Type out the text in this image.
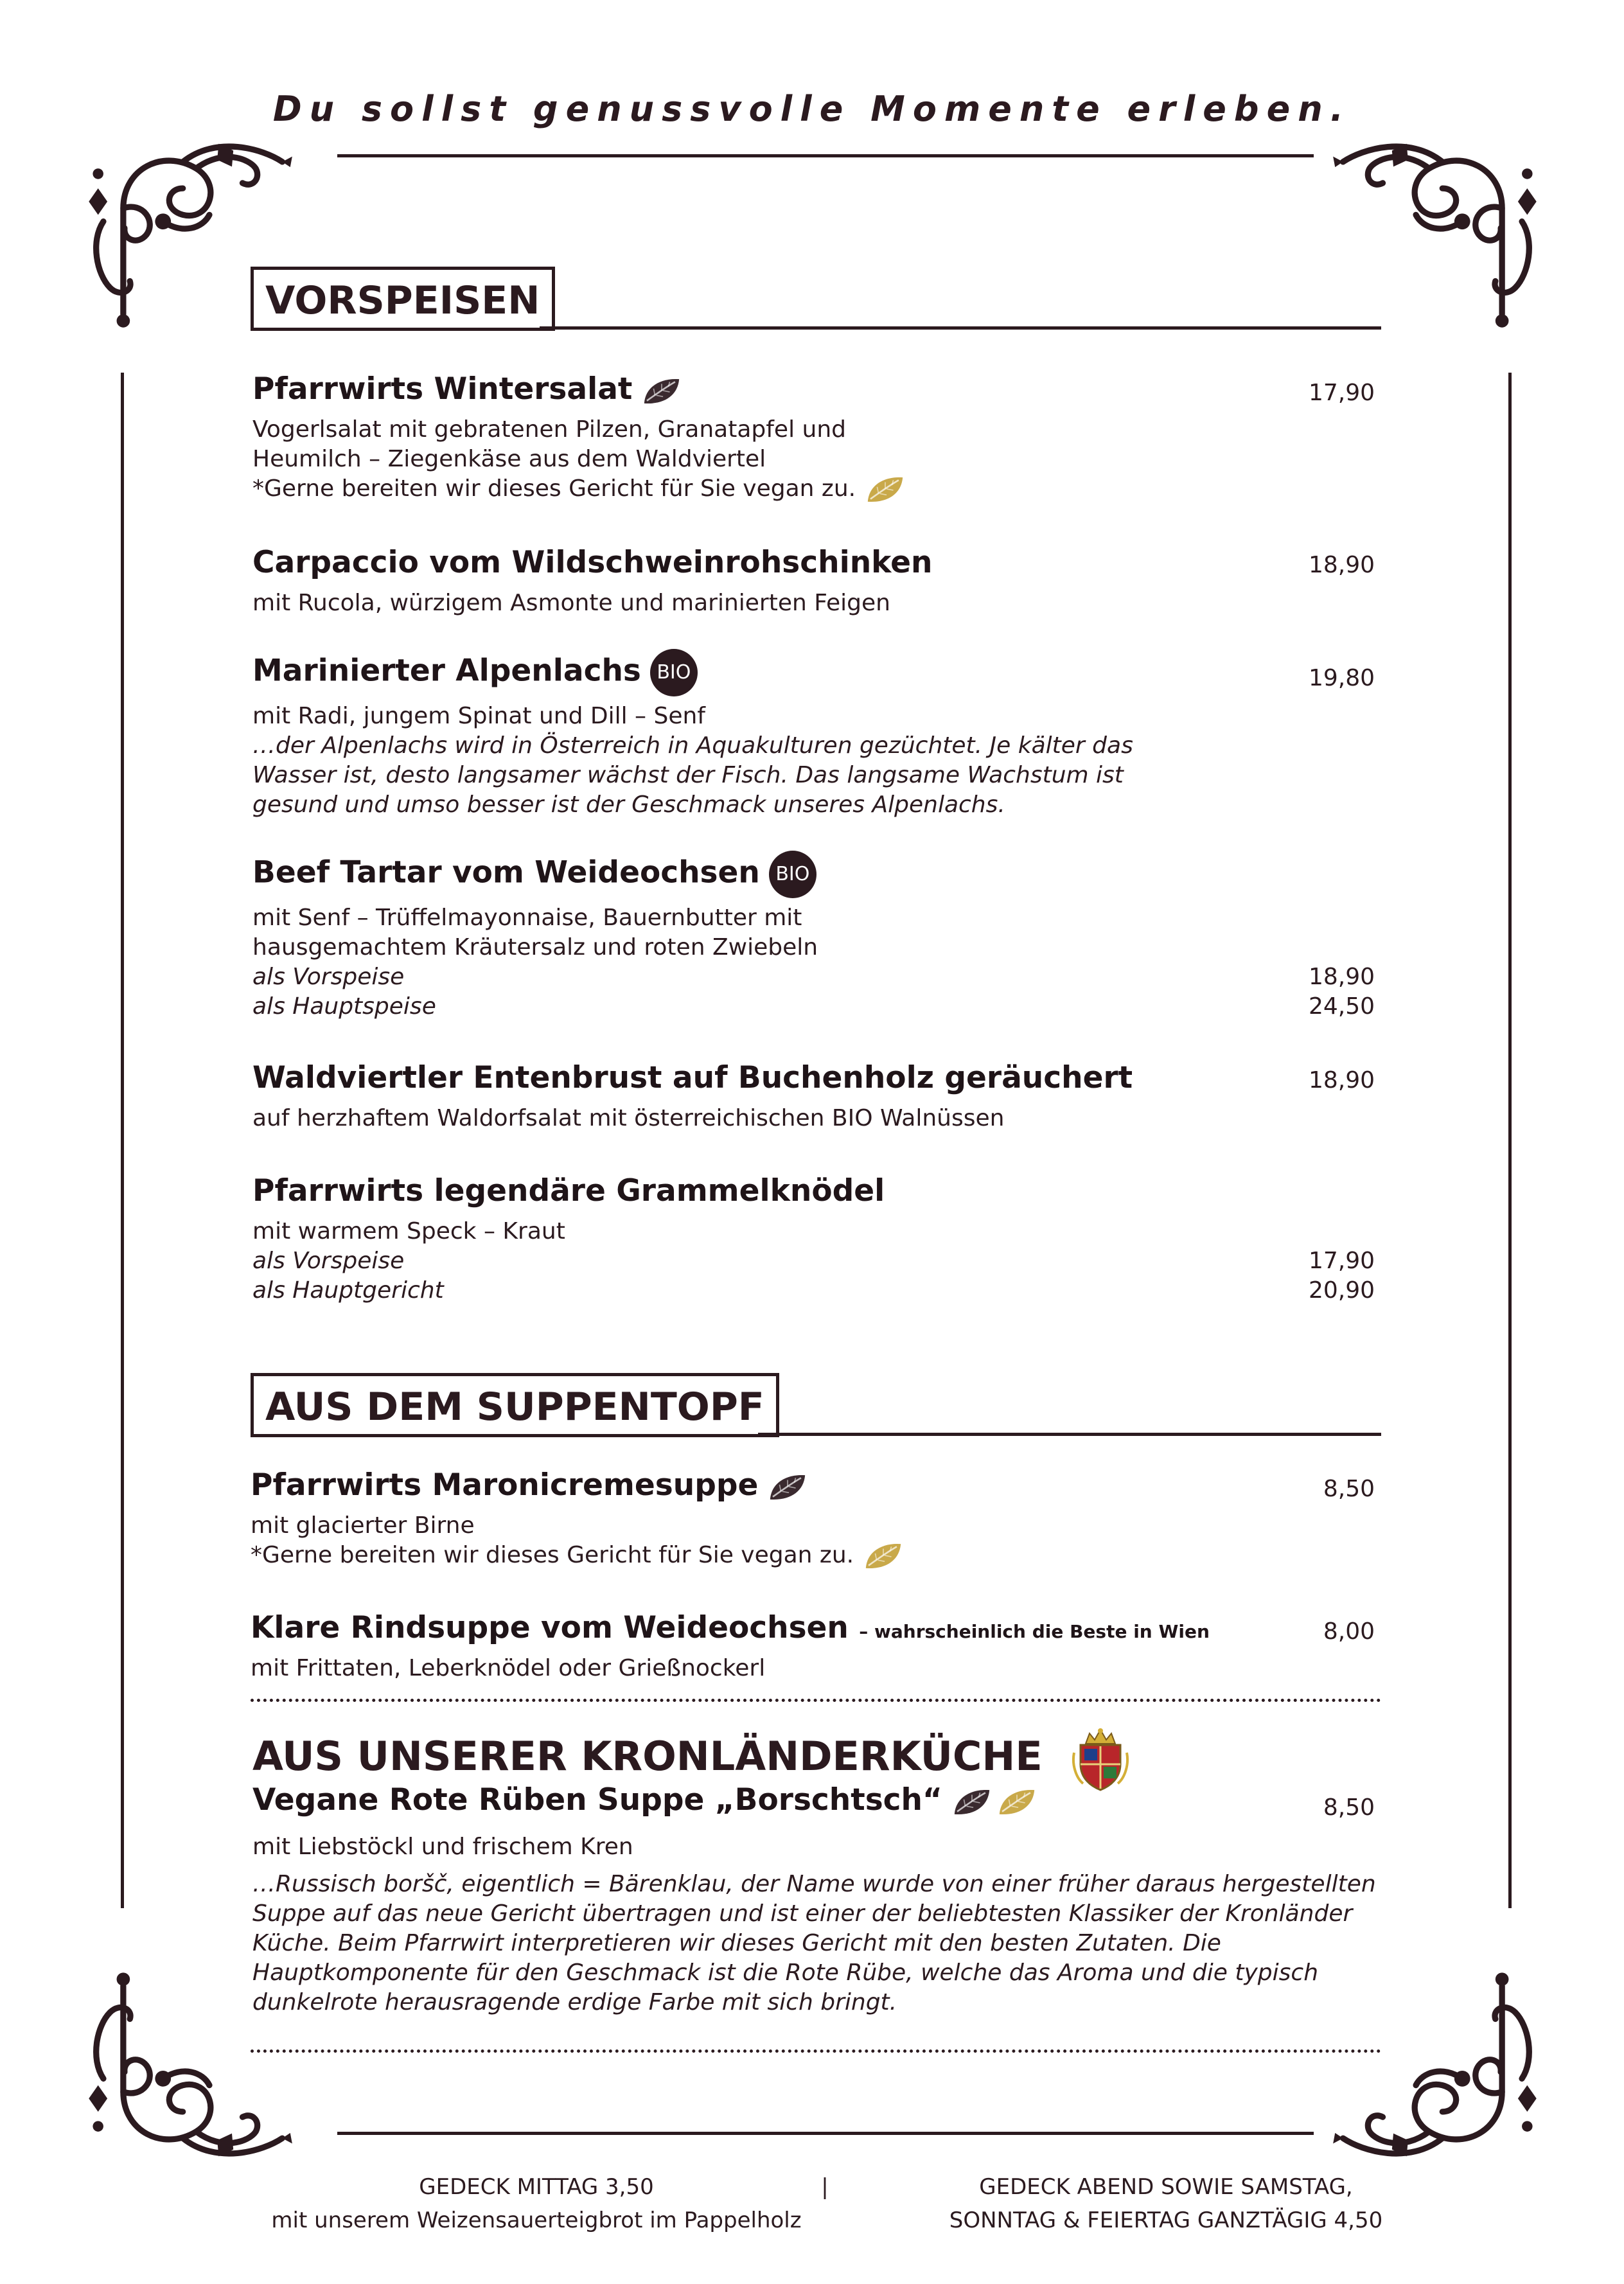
Du sollst genussvolle Momente erleben.
VORSPEISEN
Pfarrwirts Wintersalat	17,90
Vogerlsalat mit gebratenen Pilzen, Granatapfel und
Heumilch – Ziegenkäse aus dem Waldviertel
*Gerne bereiten wir dieses Gericht für Sie vegan zu.
Carpaccio vom Wildschweinrohschinken	18,90
mit Rucola, würzigem Asmonte und marinierten Feigen
Marinierter Alpenlachs BIO	19,80
mit Radi, jungem Spinat und Dill – Senf
…der Alpenlachs wird in Österreich in Aquakulturen gezüchtet. Je kälter das
Wasser ist, desto langsamer wächst der Fisch. Das langsame Wachstum ist
gesund und umso besser ist der Geschmack unseres Alpenlachs.
Beef Tartar vom Weideochsen BIO
mit Senf – Trüffelmayonnaise, Bauernbutter mit
hausgemachtem Kräutersalz und roten Zwiebeln
als Vorspeise	18,90
als Hauptspeise	24,50
Waldviertler Entenbrust auf Buchenholz geräuchert	18,90
auf herzhaftem Waldorfsalat mit österreichischen BIO Walnüssen
Pfarrwirts legendäre Grammelknödel
mit warmem Speck – Kraut
als Vorspeise	17,90
als Hauptgericht	20,90
AUS DEM SUPPENTOPF
Pfarrwirts Maronicremesuppe	8,50
mit glacierter Birne
*Gerne bereiten wir dieses Gericht für Sie vegan zu.
Klare Rindsuppe vom Weideochsen – wahrscheinlich die Beste in Wien	8,00
mit Frittaten, Leberknödel oder Grießnockerl
AUS UNSERER KRONLÄNDERKÜCHE
Vegane Rote Rüben Suppe „Borschtsch“	8,50
mit Liebstöckl und frischem Kren
…Russisch boršč, eigentlich = Bärenklau, der Name wurde von einer früher daraus hergestellten
Suppe auf das neue Gericht übertragen und ist einer der beliebtesten Klassiker der Kronländer
Küche. Beim Pfarrwirt interpretieren wir dieses Gericht mit den besten Zutaten. Die
Hauptkomponente für den Geschmack ist die Rote Rübe, welche das Aroma und die typisch
dunkelrote herausragende erdige Farbe mit sich bringt.
GEDECK MITTAG 3,50
mit unserem Weizensauerteigbrot im Pappelholz
|	GEDECK ABEND SOWIE SAMSTAG,
SONNTAG & FEIERTAG GANZTÄGIG 4,50
